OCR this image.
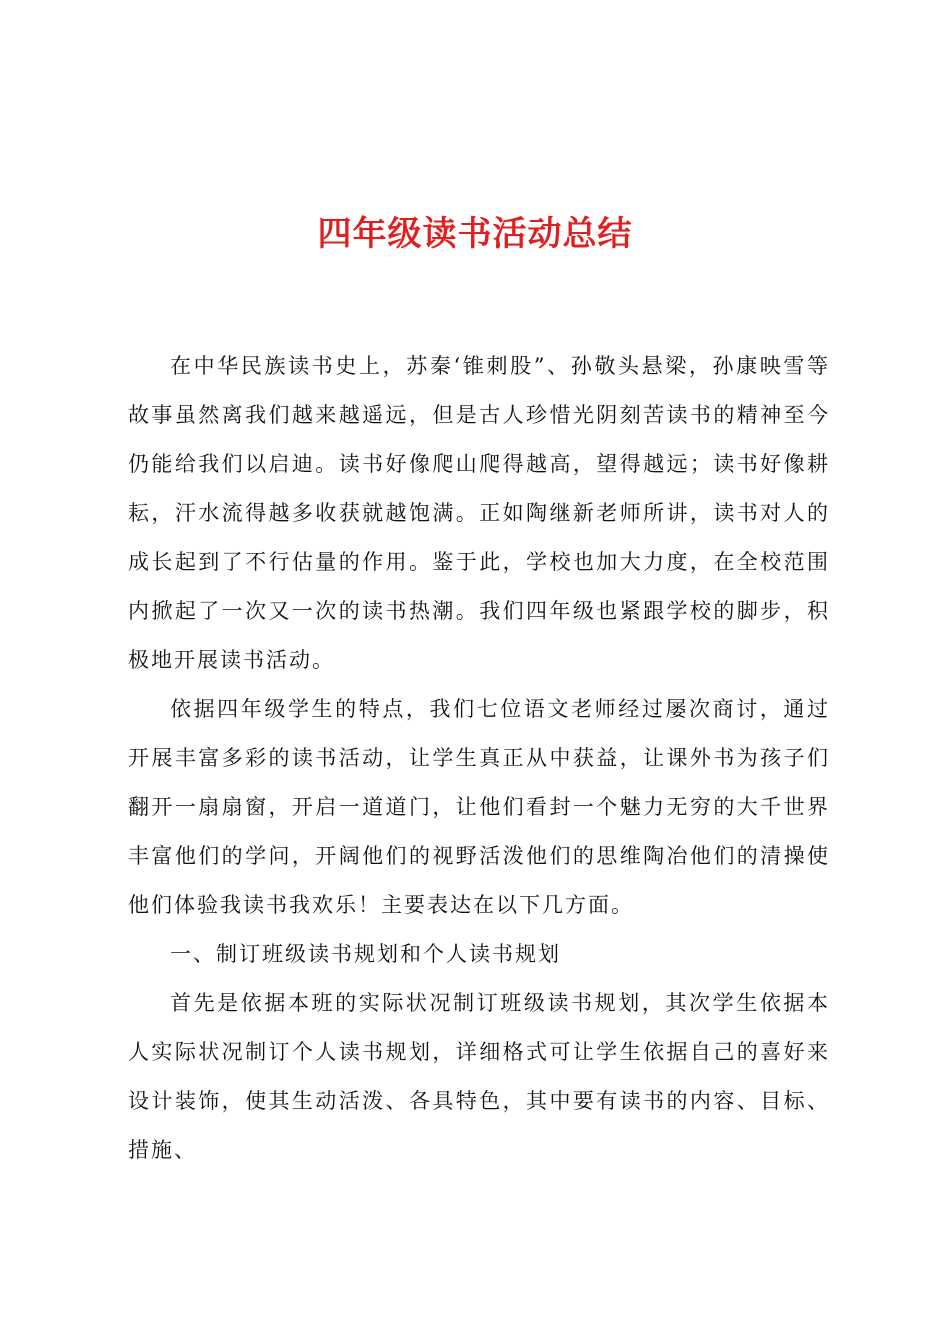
四年级读书活动总结

在中华民族读书史上，苏秦‘锥刺股”、孙敬头悬梁，孙康映雪等故事虽然离我们越来越遥远，但是古人珍惜光阴刻苦读书的精神至今仍能给我们以启迪。读书好像爬山爬得越高，望得越远；读书好像耕耘，汗水流得越多收获就越饱满。正如陶继新老师所讲，读书对人的成长起到了不行估量的作用。鉴于此，学校也加大力度，在全校范围内掀起了一次又一次的读书热潮。我们四年级也紧跟学校的脚步，积极地开展读书活动。

依据四年级学生的特点，我们七位语文老师经过屡次商讨，通过开展丰富多彩的读书活动，让学生真正从中获益，让课外书为孩子们翻开一扇扇窗，开启一道道门，让他们看封一个魅力无穷的大千世界丰富他们的学问，开阔他们的视野活泼他们的思维陶冶他们的清操使他们体验我读书我欢乐！主要表达在以下几方面。

一、制订班级读书规划和个人读书规划

首先是依据本班的实际状况制订班级读书规划，其次学生依据本人实际状况制订个人读书规划，详细格式可让学生依据自己的喜好来设计装饰，使其生动活泼、各具特色，其中要有读书的内容、目标、措施、
